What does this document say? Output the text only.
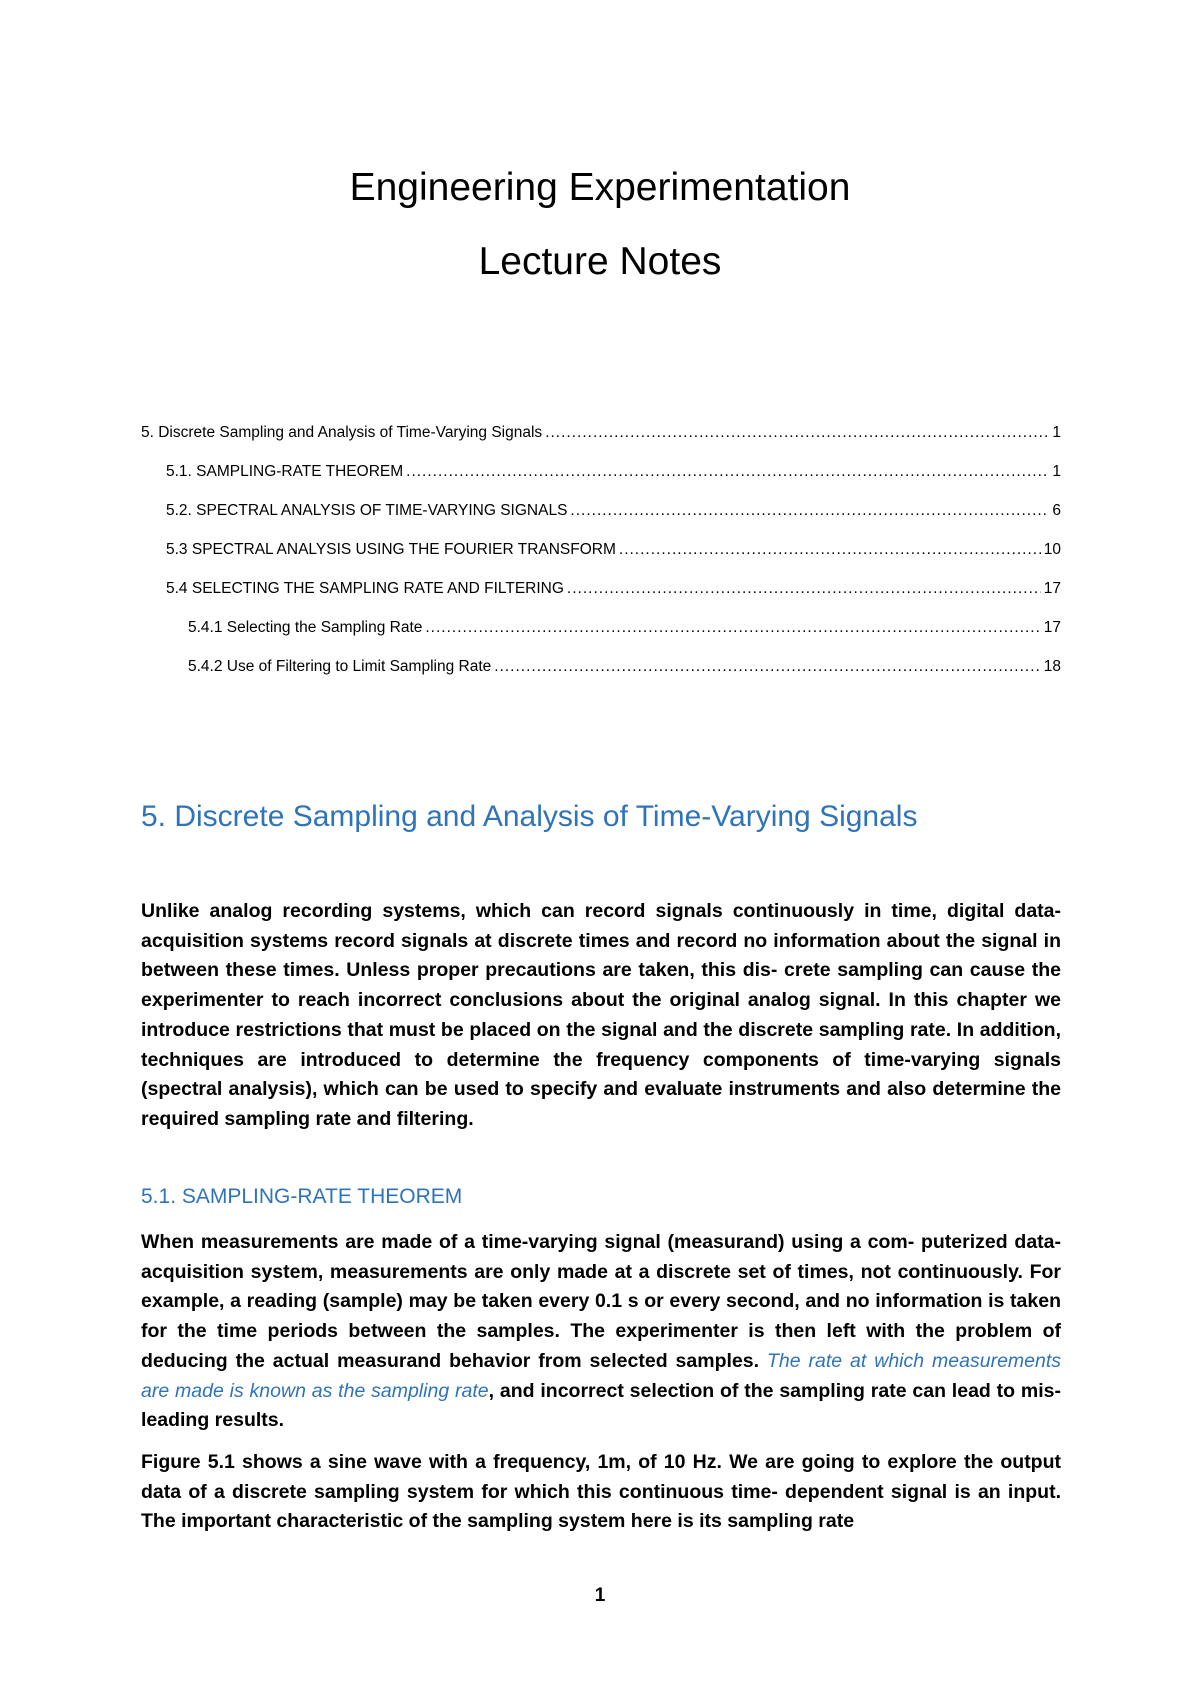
Engineering Experimentation
Lecture Notes
5. Discrete Sampling and Analysis of Time-Varying Signals .....	1
5.1. SAMPLING-RATE THEOREM .....	1
5.2. SPECTRAL ANALYSIS OF TIME-VARYING SIGNALS .....	6
5.3 SPECTRAL ANALYSIS USING THE FOURIER TRANSFORM .....	10
5.4 SELECTING THE SAMPLING RATE AND FILTERING .....	17
5.4.1 Selecting the Sampling Rate .....	17
5.4.2 Use of Filtering to Limit Sampling Rate .....	18
5. Discrete Sampling and Analysis of Time-Varying Signals

Unlike analog recording systems, which can record signals continuously in time, digital data-acquisition systems record signals at discrete times and record no information about the signal in between these times. Unless proper precautions are taken, this dis- crete sampling can cause the experimenter to reach incorrect conclusions about the original analog signal. In this chapter we introduce restrictions that must be placed on the signal and the discrete sampling rate. In addition, techniques are introduced to determine the frequency components of time-varying signals (spectral analysis), which can be used to specify and evaluate instruments and also determine the required sampling rate and filtering.

5.1. SAMPLING-RATE THEOREM

When measurements are made of a time-varying signal (measurand) using a com- puterized data-acquisition system, measurements are only made at a discrete set of times, not continuously. For example, a reading (sample) may be taken every 0.1 s or every second, and no information is taken for the time periods between the samples. The experimenter is then left with the problem of deducing the actual measurand behavior from selected samples. The rate at which measurements are made is known as the sampling rate, and incorrect selection of the sampling rate can lead to mis- leading results.

Figure 5.1 shows a sine wave with a frequency, 1m, of 10 Hz. We are going to explore the output data of a discrete sampling system for which this continuous time- dependent signal is an input. The important characteristic of the sampling system here is its sampling rate

1
